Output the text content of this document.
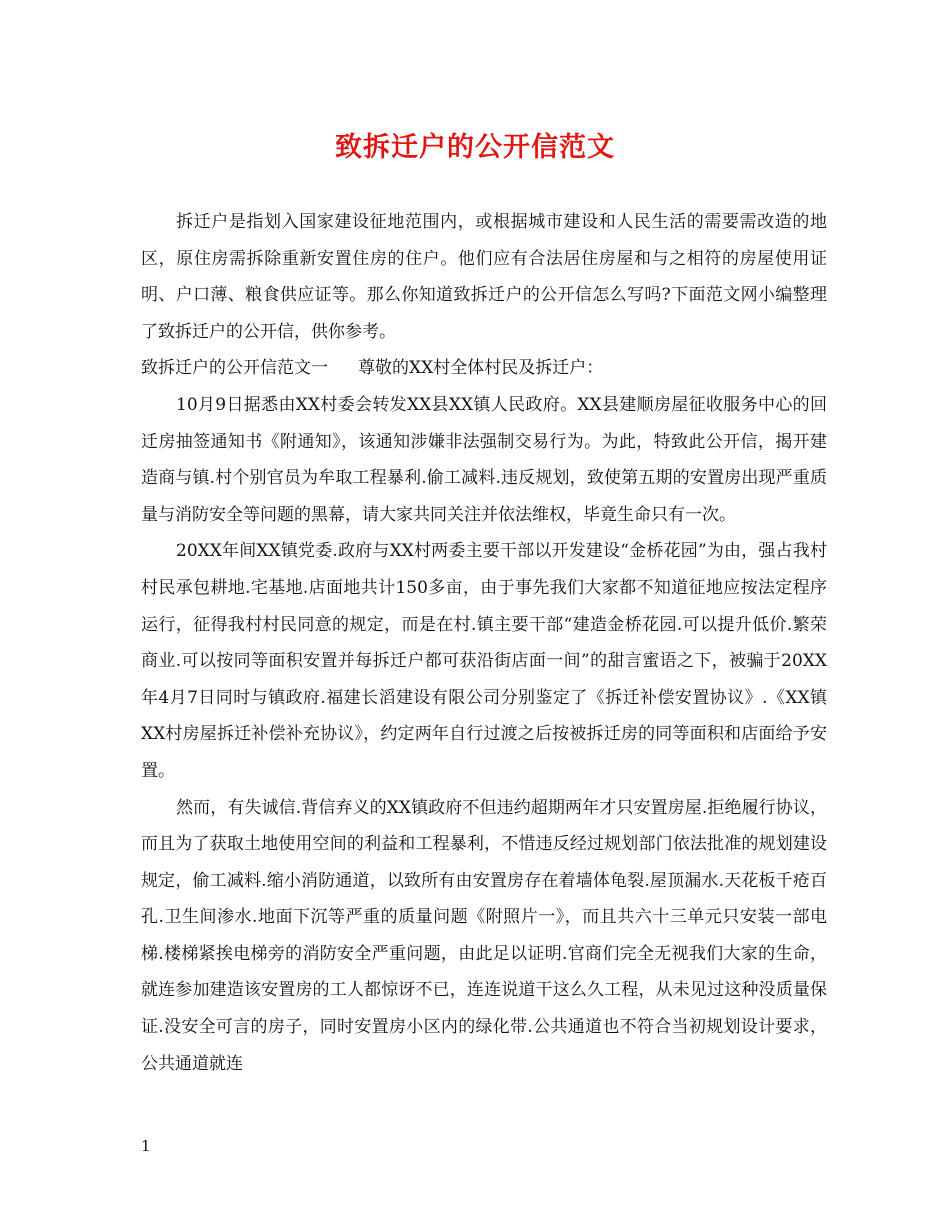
致拆迁户的公开信范文

拆迁户是指划入国家建设征地范围内，或根据城市建设和人民生活的需要需改造的地区，原住房需拆除重新安置住房的住户。他们应有合法居住房屋和与之相符的房屋使用证明、户口薄、粮食供应证等。那么你知道致拆迁户的公开信怎么写吗?下面范文网小编整理了致拆迁户的公开信，供你参考。

致拆迁户的公开信范文一 尊敬的XX村全体村民及拆迁户：

10月9日据悉由XX村委会转发XX县XX镇人民政府。XX县建顺房屋征收服务中心的回迁房抽签通知书《附通知》，该通知涉嫌非法强制交易行为。为此，特致此公开信，揭开建造商与镇.村个别官员为牟取工程暴利.偷工减料.违反规划，致使第五期的安置房出现严重质量与消防安全等问题的黑幕，请大家共同关注并依法维权，毕竟生命只有一次。

20XX年间XX镇党委.政府与XX村两委主要干部以开发建设“金桥花园”为由，强占我村村民承包耕地.宅基地.店面地共计150多亩，由于事先我们大家都不知道征地应按法定程序运行，征得我村村民同意的规定，而是在村.镇主要干部“建造金桥花园.可以提升低价.繁荣商业.可以按同等面积安置并每拆迁户都可获沿街店面一间”的甜言蜜语之下，被骗于20XX年4月7日同时与镇政府.福建长滔建设有限公司分别鉴定了《拆迁补偿安置协议》.《XX镇XX村房屋拆迁补偿补充协议》，约定两年自行过渡之后按被拆迁房的同等面积和店面给予安置。

然而，有失诚信.背信弃义的XX镇政府不但违约超期两年才只安置房屋.拒绝履行协议，而且为了获取土地使用空间的利益和工程暴利，不惜违反经过规划部门依法批准的规划建设规定，偷工减料.缩小消防通道，以致所有由安置房存在着墙体龟裂.屋顶漏水.天花板千疮百孔.卫生间渗水.地面下沉等严重的质量问题《附照片一》，而且共六十三单元只安装一部电梯.楼梯紧挨电梯旁的消防安全严重问题，由此足以证明.官商们完全无视我们大家的生命，就连参加建造该安置房的工人都惊讶不已，连连说道干这么久工程，从未见过这种没质量保证.没安全可言的房子，同时安置房小区内的绿化带.公共通道也不符合当初规划设计要求，公共通道就连

1
